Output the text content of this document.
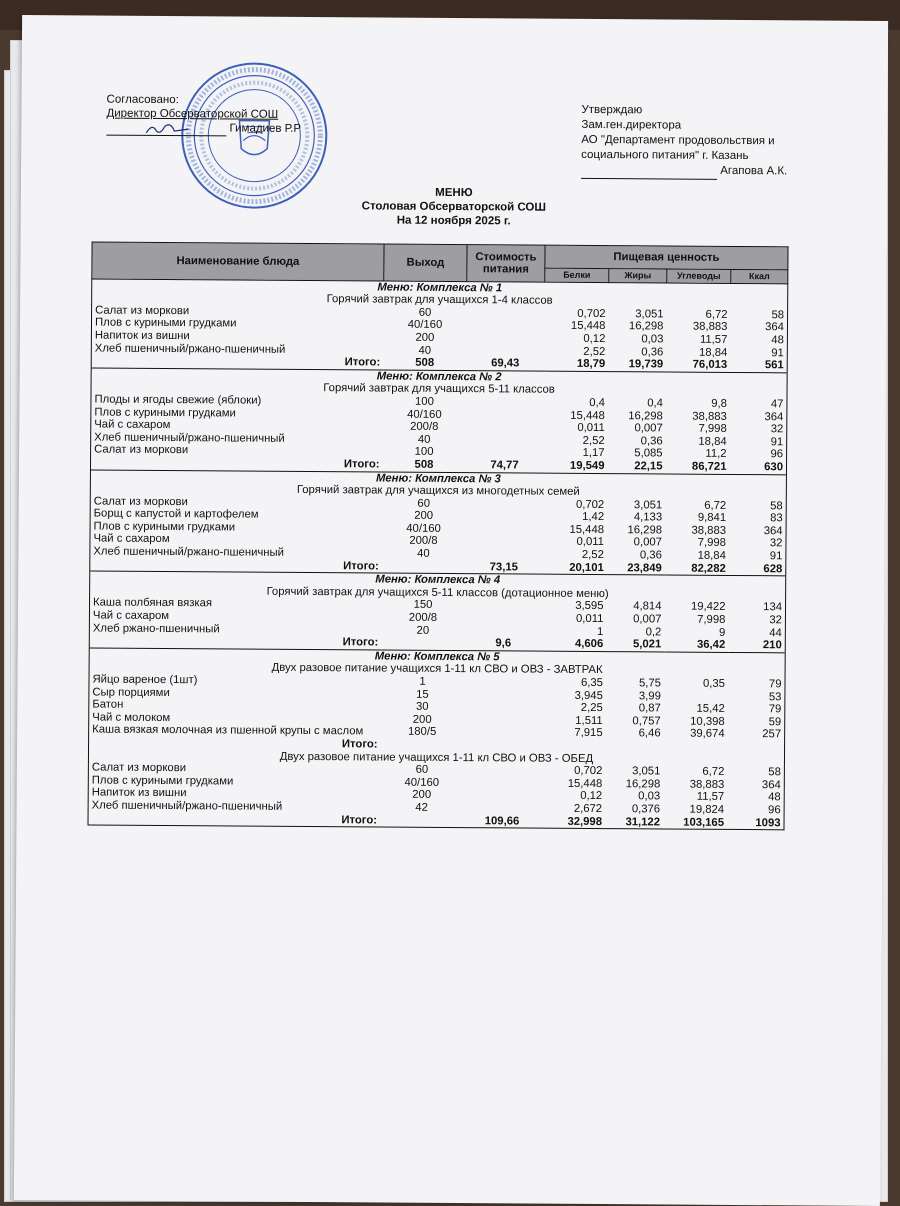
Согласовано:
Директор Обсерваторской СОШ

Гимадиев Р.Р
Утверждаю
Зам.ген.директора
АО "Департамент продовольствия и
социального питания" г. Казань
Агапова А.К.
МЕНЮ
Столовая Обсерваторской СОШ
На 12 ноября 2025 г.
Наименование блюда	Выход	Стоимость питания	Пищевая ценность			
			Белки	Жиры	Углеводы	Ккал
Меню: Комплекса № 1						
Горячий завтрак для учащихся 1-4 классов						
Салат из моркови	60		0,702	3,051	6,72	58
Плов с куриными грудками	40/160		15,448	16,298	38,883	364
Напиток из вишни	200		0,12	0,03	11,57	48
Хлеб пшеничный/ржано-пшеничный	40		2,52	0,36	18,84	91
Итого:	508	69,43	18,79	19,739	76,013	561
Меню: Комплекса № 2						
Горячий завтрак для учащихся 5-11 классов						
Плоды и ягоды свежие (яблоки)	100		0,4	0,4	9,8	47
Плов с куриными грудками	40/160		15,448	16,298	38,883	364
Чай с сахаром	200/8		0,011	0,007	7,998	32
Хлеб пшеничный/ржано-пшеничный	40		2,52	0,36	18,84	91
Салат из моркови	100		1,17	5,085	11,2	96
Итого:	508	74,77	19,549	22,15	86,721	630
Меню: Комплекса № 3						
Горячий завтрак для учащихся из многодетных семей						
Салат из моркови	60		0,702	3,051	6,72	58
Борщ с капустой и картофелем	200		1,42	4,133	9,841	83
Плов с куриными грудками	40/160		15,448	16,298	38,883	364
Чай с сахаром	200/8		0,011	0,007	7,998	32
Хлеб пшеничный/ржано-пшеничный	40		2,52	0,36	18,84	91
Итого:		73,15	20,101	23,849	82,282	628
Меню: Комплекса № 4						
Горячий завтрак для учащихся 5-11 классов (дотационное меню)						
Каша полбяная вязкая	150		3,595	4,814	19,422	134
Чай с сахаром	200/8		0,011	0,007	7,998	32
Хлеб ржано-пшеничный	20		1	0,2	9	44
Итого:		9,6	4,606	5,021	36,42	210
Меню: Комплекса № 5						
Двух разовое питание учащихся 1-11 кл СВО и ОВЗ - ЗАВТРАК						
Яйцо вареное (1шт)	1		6,35	5,75	0,35	79
Сыр порциями	15		3,945	3,99		53
Батон	30		2,25	0,87	15,42	79
Чай с молоком	200		1,511	0,757	10,398	59
Каша вязкая молочная из пшенной крупы с маслом	180/5		7,915	6,46	39,674	257
Итого:						
Двух разовое питание учащихся 1-11 кл СВО и ОВЗ - ОБЕД						
Салат из моркови	60		0,702	3,051	6,72	58
Плов с куриными грудками	40/160		15,448	16,298	38,883	364
Напиток из вишни	200		0,12	0,03	11,57	48
Хлеб пшеничный/ржано-пшеничный	42		2,672	0,376	19,824	96
Итого:		109,66	32,998	31,122	103,165	1093
